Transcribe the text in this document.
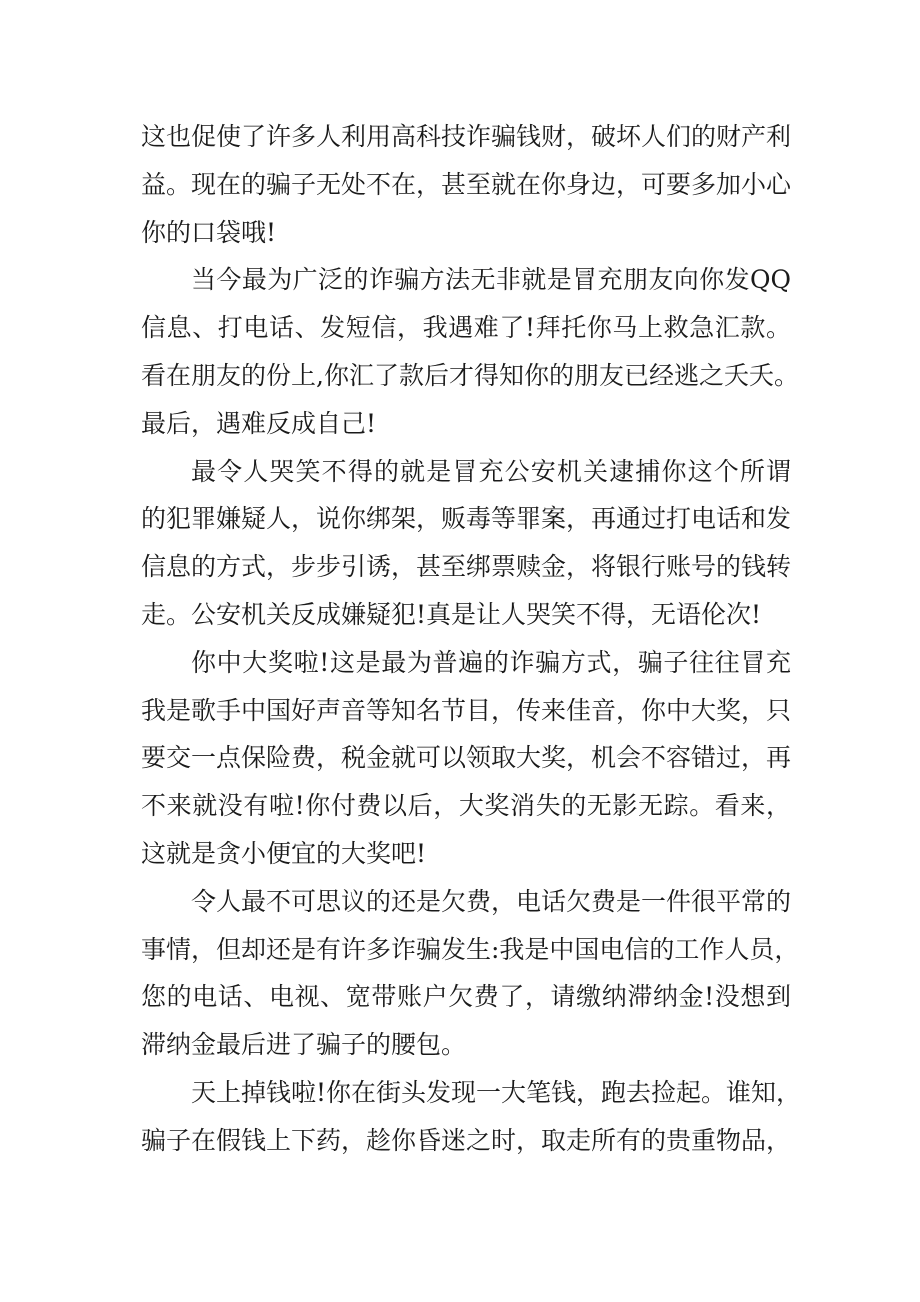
这也促使了许多人利用高科技诈骗钱财，破坏人们的财产利
益。现在的骗子无处不在，甚至就在你身边，可要多加小心
你的口袋哦!
当今最为广泛的诈骗方法无非就是冒充朋友向你发QQ
信息、打电话、发短信，我遇难了!拜托你马上救急汇款。
看在朋友的份上,你汇了款后才得知你的朋友已经逃之夭夭。
最后，遇难反成自己!
最令人哭笑不得的就是冒充公安机关逮捕你这个所谓
的犯罪嫌疑人，说你绑架，贩毒等罪案，再通过打电话和发
信息的方式，步步引诱，甚至绑票赎金，将银行账号的钱转
走。公安机关反成嫌疑犯!真是让人哭笑不得，无语伦次!
你中大奖啦!这是最为普遍的诈骗方式，骗子往往冒充
我是歌手中国好声音等知名节目，传来佳音，你中大奖，只
要交一点保险费，税金就可以领取大奖，机会不容错过，再
不来就没有啦!你付费以后，大奖消失的无影无踪。看来，
这就是贪小便宜的大奖吧!
令人最不可思议的还是欠费，电话欠费是一件很平常的
事情，但却还是有许多诈骗发生:我是中国电信的工作人员，
您的电话、电视、宽带账户欠费了，请缴纳滞纳金!没想到
滞纳金最后进了骗子的腰包。
天上掉钱啦!你在街头发现一大笔钱，跑去捡起。谁知，
骗子在假钱上下药，趁你昏迷之时，取走所有的贵重物品，
